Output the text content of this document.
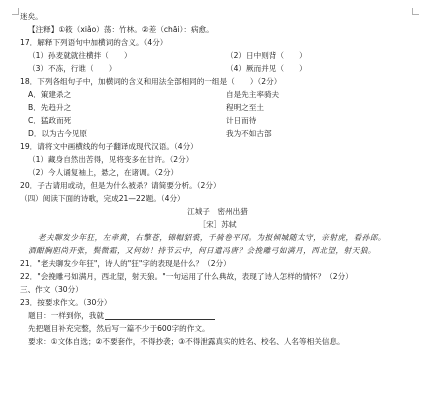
迷矣。
【注释】①筱（xiǎo）荡：竹林。②差（chāi）：病愈。
17．解释下列语句中加横词的含义。（4分）
（1）孙麦就就往横拌（　　）	（2）日中则背（　　）
（3）不冻，行谁（　　）	（4）厥而并见（　　）
18．下列各组句子中，加横词的含义和用法全部相同的一组是（　　）（2分）
A．策建杀之	自是先主率骑夫
B．先趋升之	程明之至土
C．猛政而死	计日而待
D．以为古今见原	我为不如古部
19．请将文中画横线的句子翻译成现代汉语。（4分）
（1）藏身自然出苦得，见将变多在甘许。（2分）
（2）今人诵复袖上，悬之，在诸调。（2分）
20．子古请用或动，但是为什么被杀？请简要分析。（2分）
（四）阅读下面的诗歌，完成21—22题。（4分）
江城子　密州出猎
［宋］苏轼
老夫聊发少年狂，左牵黄，右擎苍，锦帽貂裘，千骑卷平冈。为报倾城随太守，亲射虎，看孙郎。
酒酣胸胆尚开张，鬓微霜，又何妨！持节云中，何日遣冯唐？会挽雕弓如满月，西北望，射天狼。
21．"老夫聊发少年狂"，诗人的"狂"字的表现是什么？（2分）
22．"会挽雕弓如满月，西北望，射天狼。"一句运用了什么典故，表现了诗人怎样的情怀？（2分）
三、作文（30分）
23．按要求作文。（30分）
题目：一样到你，我就
先把题目补充完整，然后写一篇不少于600字的作文。
要求：①文体自选；②不要套作，不得抄袭；③不得泄露真实的姓名、校名、人名等相关信息。
